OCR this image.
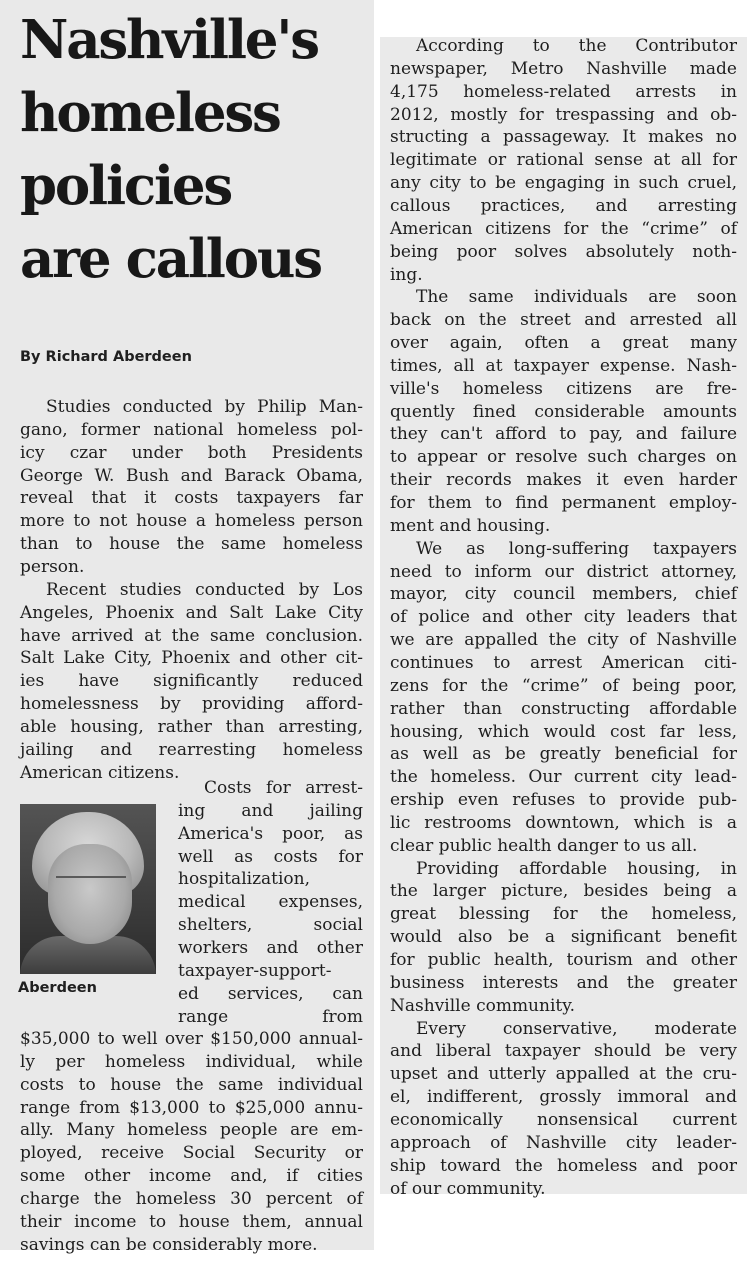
Nashville's
homeless
policies
are callous
By Richard Aberdeen
Studies conducted by Philip Man-
gano, former national homeless pol-
icy czar under both Presidents
George W. Bush and Barack Obama,
reveal that it costs taxpayers far
more to not house a homeless person
than to house the same homeless
person.
Recent studies conducted by Los
Angeles, Phoenix and Salt Lake City
have arrived at the same conclusion.
Salt Lake City, Phoenix and other cit-
ies have significantly reduced
homelessness by providing afford-
able housing, rather than arresting,
jailing and rearresting homeless
American citizens.
Aberdeen
Costs for arrest-
ing and jailing
America's poor, as
well as costs for
hospitalization,
medical expenses,
shelters, social
workers and other
taxpayer-support-
ed services, can
range from
$35,000 to well over $150,000 annual-
ly per homeless individual, while
costs to house the same individual
range from $13,000 to $25,000 annu-
ally. Many homeless people are em-
ployed, receive Social Security or
some other income and, if cities
charge the homeless 30 percent of
their income to house them, annual
savings can be considerably more.
According to the Contributor
newspaper, Metro Nashville made
4,175 homeless-related arrests in
2012, mostly for trespassing and ob-
structing a passageway. It makes no
legitimate or rational sense at all for
any city to be engaging in such cruel,
callous practices, and arresting
American citizens for the “crime” of
being poor solves absolutely noth-
ing.
The same individuals are soon
back on the street and arrested all
over again, often a great many
times, all at taxpayer expense. Nash-
ville's homeless citizens are fre-
quently fined considerable amounts
they can't afford to pay, and failure
to appear or resolve such charges on
their records makes it even harder
for them to find permanent employ-
ment and housing.
We as long-suffering taxpayers
need to inform our district attorney,
mayor, city council members, chief
of police and other city leaders that
we are appalled the city of Nashville
continues to arrest American citi-
zens for the “crime” of being poor,
rather than constructing affordable
housing, which would cost far less,
as well as be greatly beneficial for
the homeless. Our current city lead-
ership even refuses to provide pub-
lic restrooms downtown, which is a
clear public health danger to us all.
Providing affordable housing, in
the larger picture, besides being a
great blessing for the homeless,
would also be a significant benefit
for public health, tourism and other
business interests and the greater
Nashville community.
Every conservative, moderate
and liberal taxpayer should be very
upset and utterly appalled at the cru-
el, indifferent, grossly immoral and
economically nonsensical current
approach of Nashville city leader-
ship toward the homeless and poor
of our community.
